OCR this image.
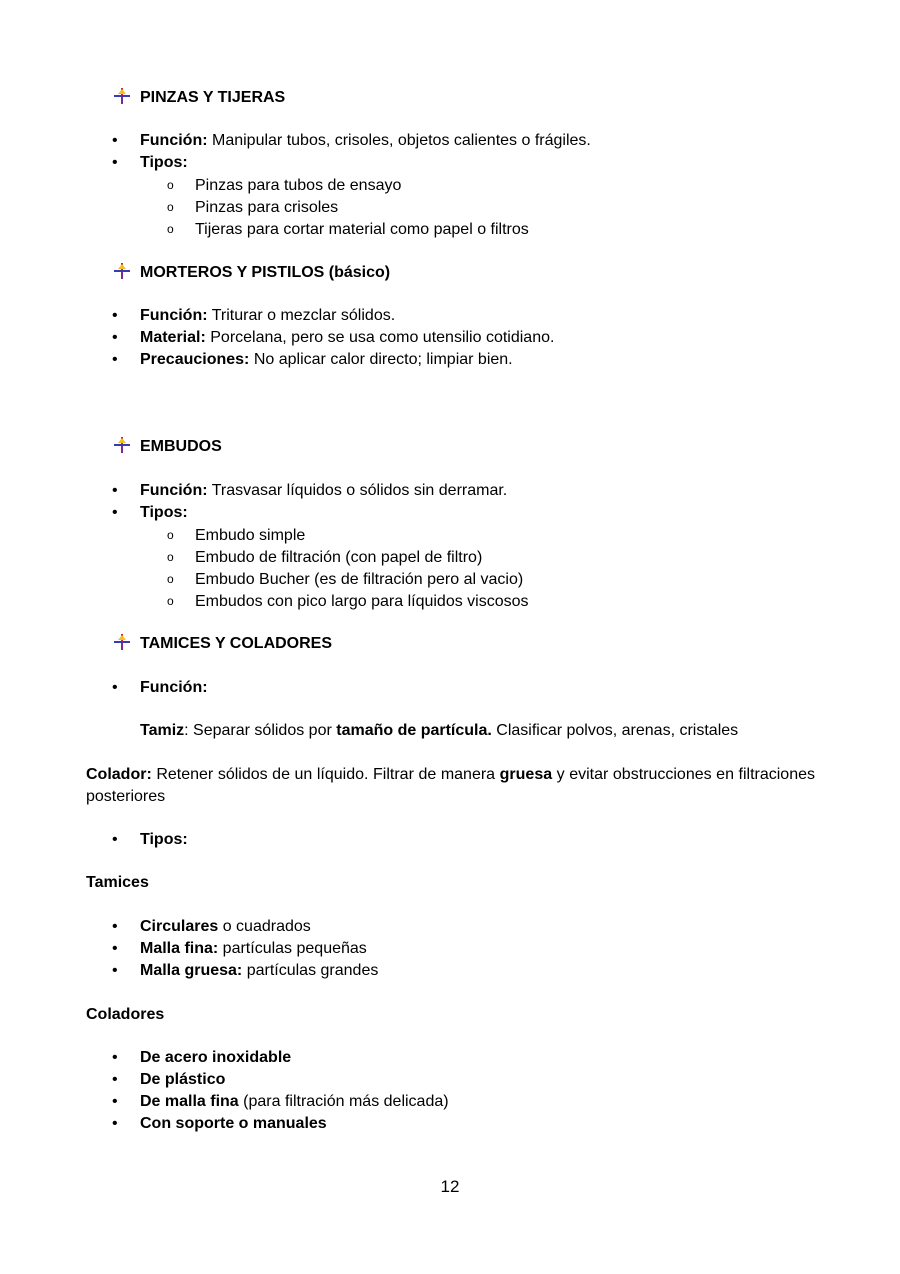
PINZAS Y TIJERAS
• Función: Manipular tubos, crisoles, objetos calientes o frágiles.
• Tipos:
o Pinzas para tubos de ensayo
o Pinzas para crisoles
o Tijeras para cortar material como papel o filtros
MORTEROS Y PISTILOS (básico)
• Función: Triturar o mezclar sólidos.
• Material: Porcelana, pero se usa como utensilio cotidiano.
• Precauciones: No aplicar calor directo; limpiar bien.
EMBUDOS
• Función: Trasvasar líquidos o sólidos sin derramar.
• Tipos:
o Embudo simple
o Embudo de filtración (con papel de filtro)
o Embudo Bucher (es de filtración pero al vacio)
o Embudos con pico largo para líquidos viscosos
TAMICES Y COLADORES
• Función:
Tamiz: Separar sólidos por tamaño de partícula. Clasificar polvos, arenas, cristales
Colador: Retener sólidos de un líquido. Filtrar de manera gruesa y evitar obstrucciones en filtraciones posteriores
• Tipos:
Tamices
• Circulares o cuadrados
• Malla fina: partículas pequeñas
• Malla gruesa: partículas grandes
Coladores
• De acero inoxidable
• De plástico
• De malla fina (para filtración más delicada)
• Con soporte o manuales
12
